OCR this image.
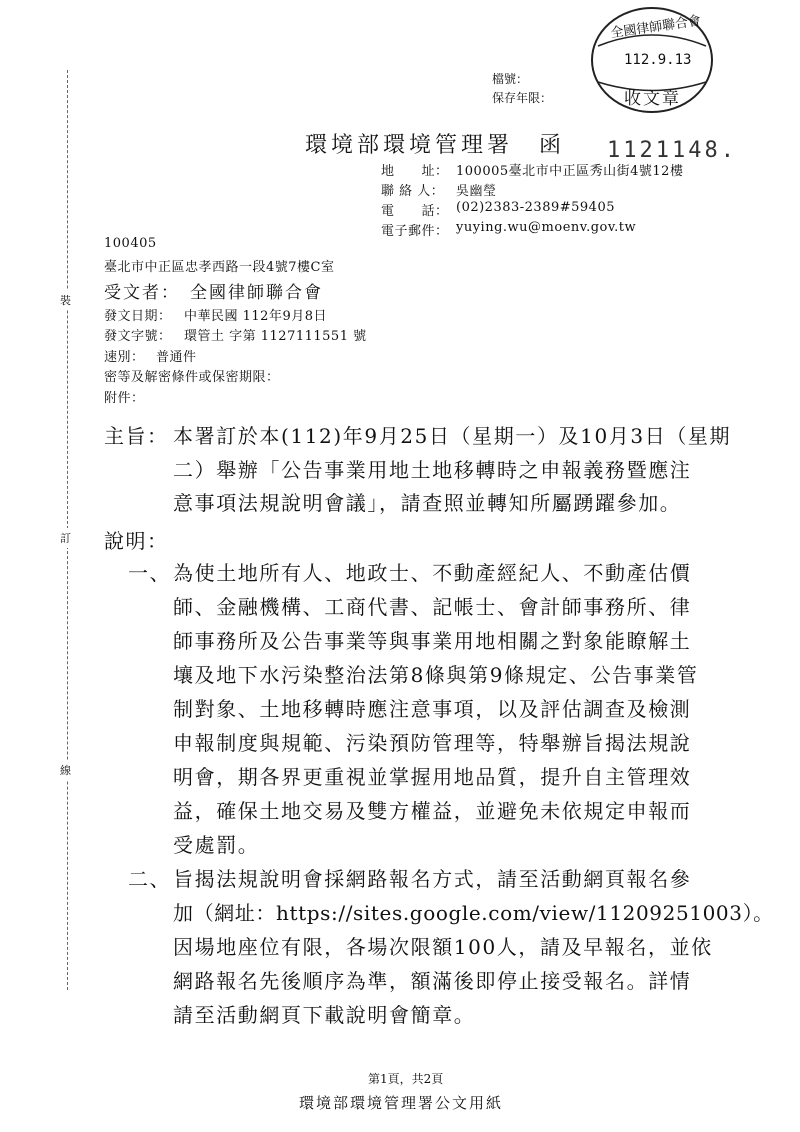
裝
訂
線
檔號：
保存年限：
全國律師聯合會
112.9.13
收文章
1121148.
環境部環境管理署　函
地　　址： 100005臺北市中正區秀山街4號12樓
聯 絡 人： 吳幽瑩
電　　話： (02)2383-2389#59405
電子郵件： yuying.wu@moenv.gov.tw
100405
臺北市中正區忠孝西路一段4號7樓C室
受文者： 全國律師聯合會
發文日期： 中華民國 112年9月8日
發文字號： 環管土 字第 1127111551 號
速別： 普通件
密等及解密條件或保密期限：
附件：
主旨： 本署訂於本(112)年9月25日（星期一）及10月3日（星期
二）舉辦「公告事業用地土地移轉時之申報義務暨應注
意事項法規說明會議」，請查照並轉知所屬踴躍參加。
說明：
一、 為使土地所有人、地政士、不動產經紀人、不動產估價
師、金融機構、工商代書、記帳士、會計師事務所、律
師事務所及公告事業等與事業用地相關之對象能瞭解土
壤及地下水污染整治法第8條與第9條規定、公告事業管
制對象、土地移轉時應注意事項，以及評估調查及檢測
申報制度與規範、污染預防管理等，特舉辦旨揭法規說
明會，期各界更重視並掌握用地品質，提升自主管理效
益，確保土地交易及雙方權益，並避免未依規定申報而
受處罰。
二、 旨揭法規說明會採網路報名方式，請至活動網頁報名參
加（網址：https://sites.google.com/view/11209251003）。
因場地座位有限，各場次限額100人，請及早報名，並依
網路報名先後順序為準，額滿後即停止接受報名。詳情
請至活動網頁下載說明會簡章。
第1頁，共2頁
環境部環境管理署公文用紙
